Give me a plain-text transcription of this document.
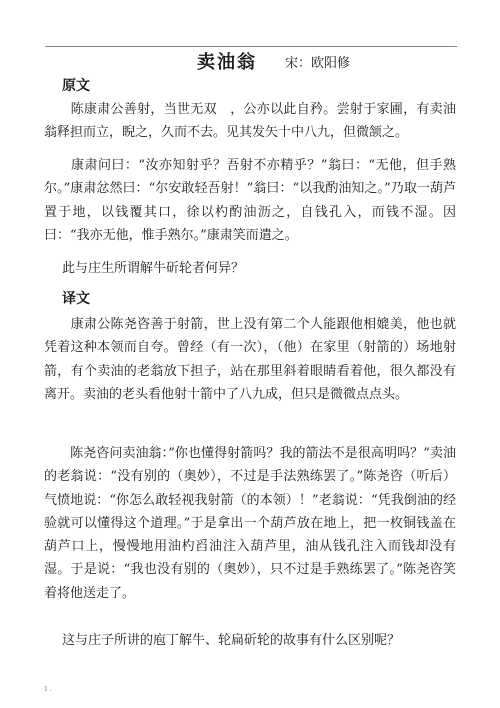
.
卖油翁 宋：欧阳修
原文

　　陈康肃公善射，当世无双　，公亦以此自矜。尝射于家圃，有卖油翁释担而立，睨之，久而不去。见其发矢十中八九，但微颔之。

　　康肃问曰：“汝亦知射乎？吾射不亦精乎？”翁曰：“无他，但手熟尔。”康肃忿然曰：“尔安敢轻吾射！”翁曰：“以我酌油知之。”乃取一葫芦置于地，以钱覆其口，徐以杓酌油沥之，自钱孔入，而钱不湿。因曰：“我亦无他，惟手熟尔。”康肃笑而遣之。

此与庄生所谓解牛斫轮者何异？

译文

　　康肃公陈尧咨善于射箭，世上没有第二个人能跟他相媲美，他也就凭着这种本领而自夸。曾经（有一次），（他）在家里（射箭的）场地射箭，有个卖油的老翁放下担子，站在那里斜着眼睛看着他，很久都没有离开。卖油的老头看他射十箭中了八九成，但只是微微点点头。

　　陈尧咨问卖油翁：”你也懂得射箭吗？我的箭法不是很高明吗？”卖油的老翁说：“没有别的（奥妙），不过是手法熟练罢了。”陈尧咨（听后）气愤地说：“你怎么敢轻视我射箭（的本领）！”老翁说：“凭我倒油的经验就可以懂得这个道理。”于是拿出一个葫芦放在地上，把一枚铜钱盖在葫芦口上，慢慢地用油杓舀油注入葫芦里，油从钱孔注入而钱却没有湿。于是说：“我也没有别的（奥妙），只不过是手熟练罢了。”陈尧咨笑着将他送走了。

这与庄子所讲的庖丁解牛、轮扁斫轮的故事有什么区别呢？

1 .
